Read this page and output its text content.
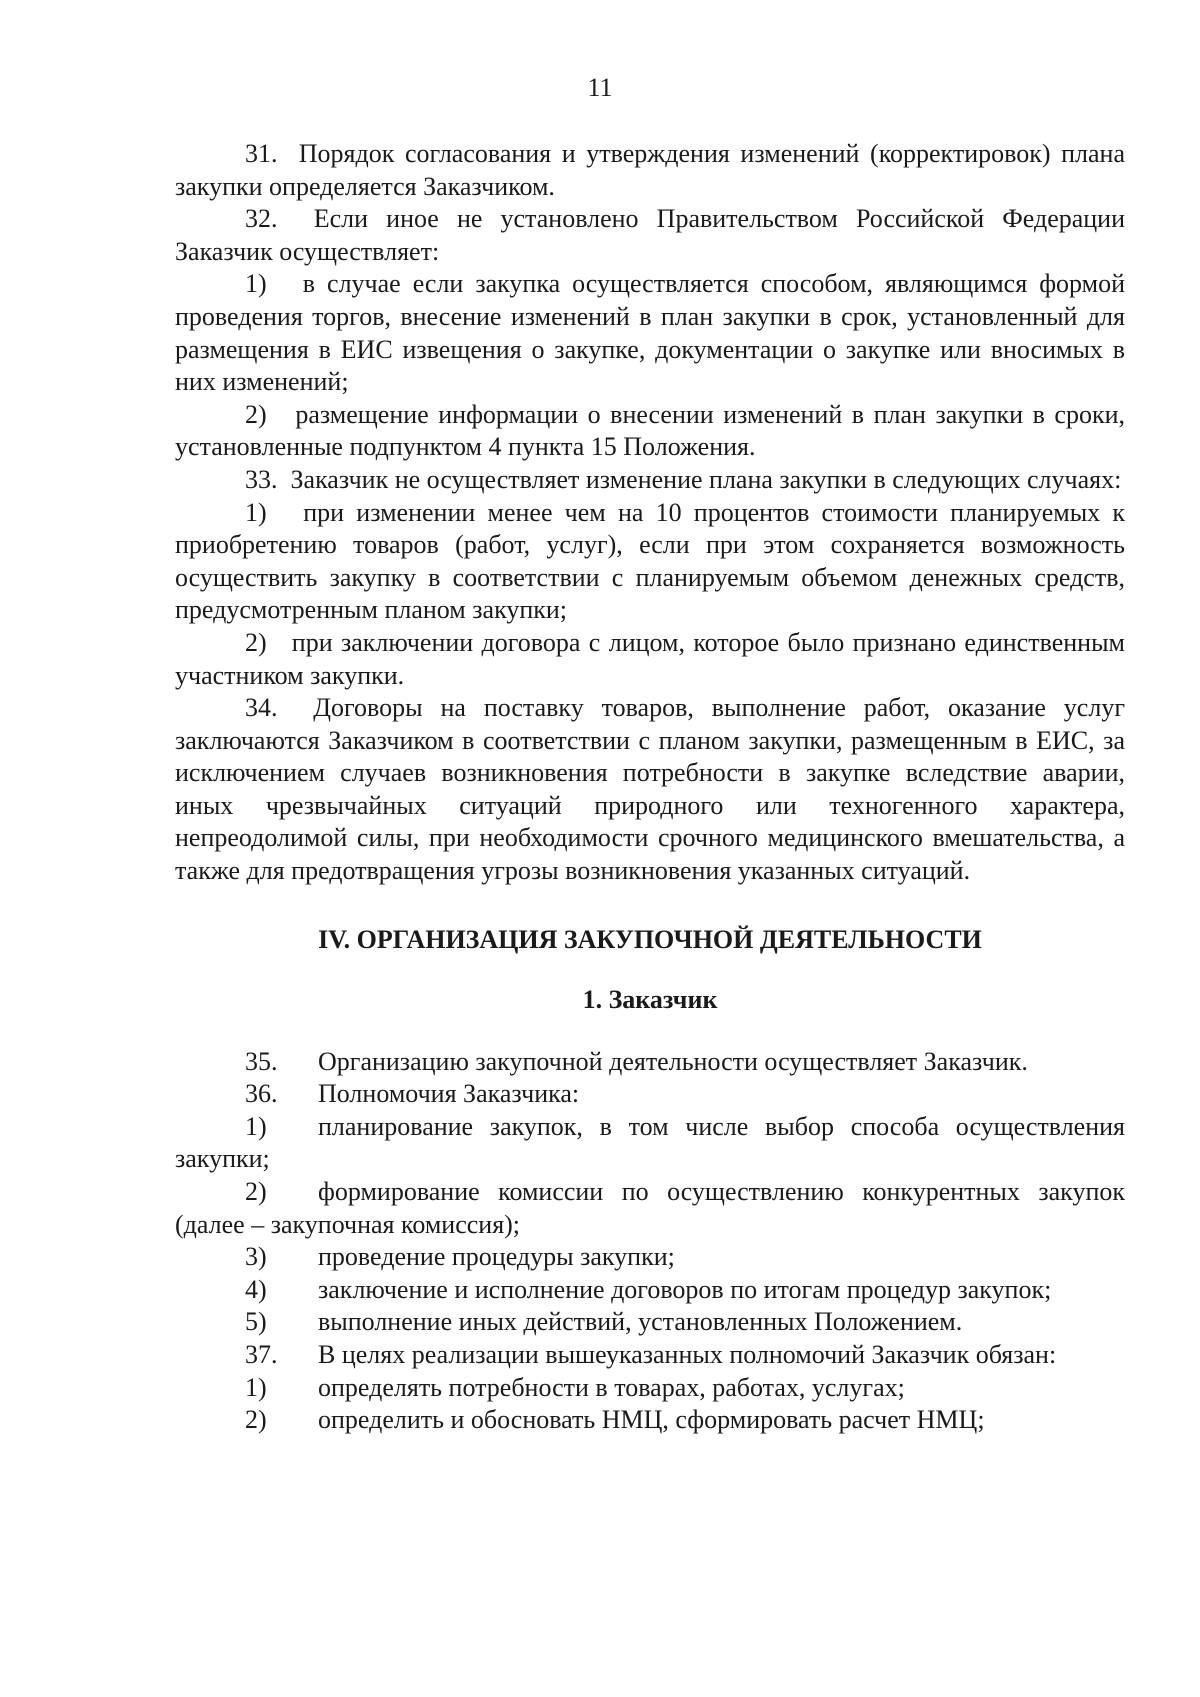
11

31. Порядок согласования и утверждения изменений (корректировок) плана закупки определяется Заказчиком.

32. Если иное не установлено Правительством Российской Федерации Заказчик осуществляет:

1) в случае если закупка осуществляется способом, являющимся формой проведения торгов, внесение изменений в план закупки в срок, установленный для размещения в ЕИС извещения о закупке, документации о закупке или вносимых в них изменений;

2) размещение информации о внесении изменений в план закупки в сроки, установленные подпунктом 4 пункта 15 Положения.

33. Заказчик не осуществляет изменение плана закупки в следующих случаях:

1) при изменении менее чем на 10 процентов стоимости планируемых к приобретению товаров (работ, услуг), если при этом сохраняется возможность осуществить закупку в соответствии с планируемым объемом денежных средств, предусмотренным планом закупки;

2) при заключении договора с лицом, которое было признано единственным участником закупки.

34. Договоры на поставку товаров, выполнение работ, оказание услуг заключаются Заказчиком в соответствии с планом закупки, размещенным в ЕИС, за исключением случаев возникновения потребности в закупке вследствие аварии, иных чрезвычайных ситуаций природного или техногенного характера, непреодолимой силы, при необходимости срочного медицинского вмешательства, а также для предотвращения угрозы возникновения указанных ситуаций.

IV. ОРГАНИЗАЦИЯ ЗАКУПОЧНОЙ ДЕЯТЕЛЬНОСТИ
1. Заказчик

35. Организацию закупочной деятельности осуществляет Заказчик.

36. Полномочия Заказчика:

1) планирование закупок, в том числе выбор способа осуществления закупки;

2) формирование комиссии по осуществлению конкурентных закупок (далее – закупочная комиссия);

3) проведение процедуры закупки;

4) заключение и исполнение договоров по итогам процедур закупок;

5) выполнение иных действий, установленных Положением.

37. В целях реализации вышеуказанных полномочий Заказчик обязан:

1) определять потребности в товарах, работах, услугах;

2) определить и обосновать НМЦ, сформировать расчет НМЦ;
